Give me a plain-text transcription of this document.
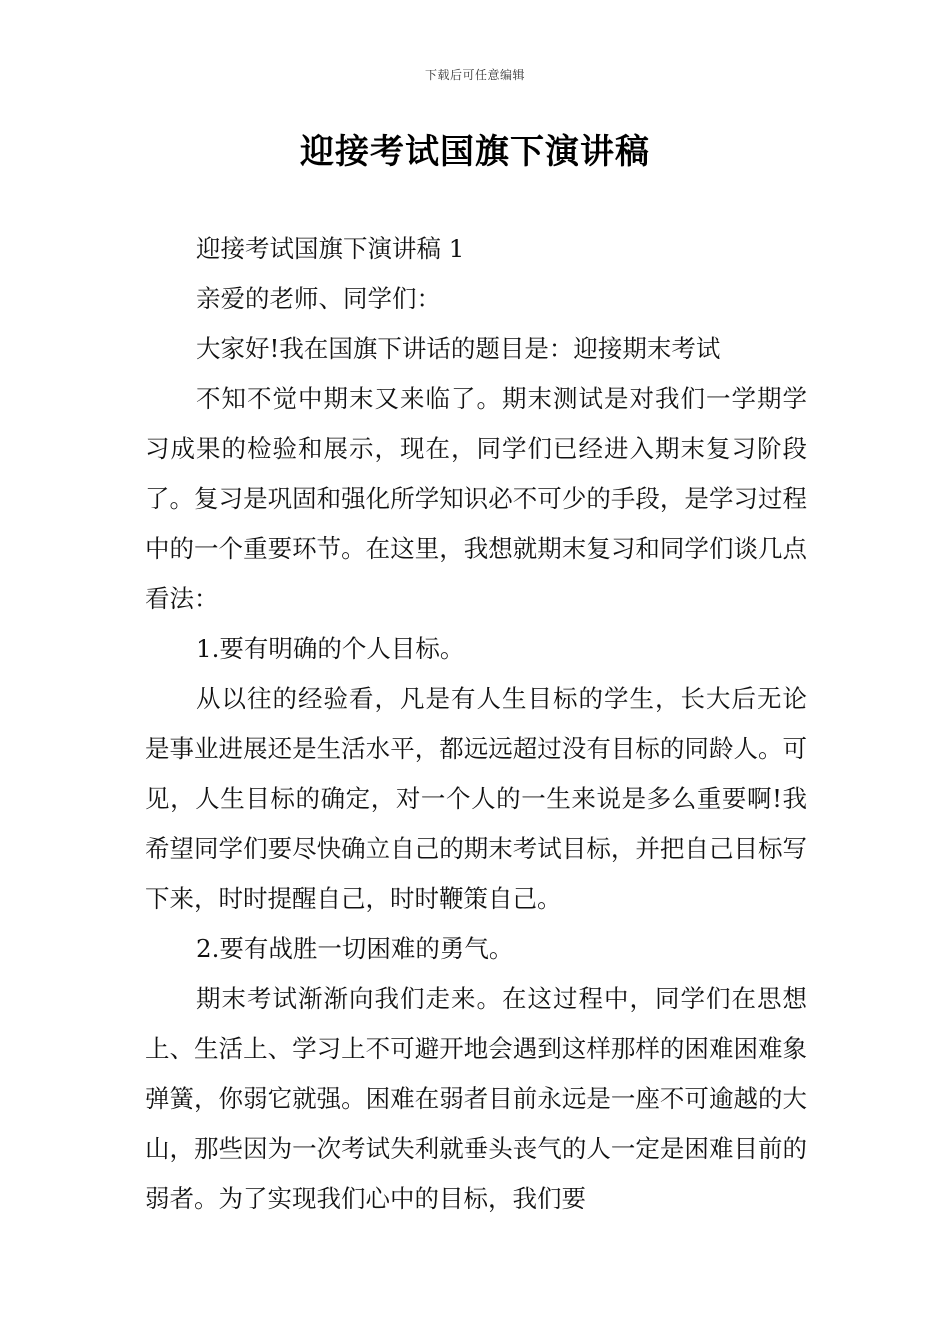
下载后可任意编辑
迎接考试国旗下演讲稿

迎接考试国旗下演讲稿 1

亲爱的老师、同学们：

大家好!我在国旗下讲话的题目是：迎接期末考试

不知不觉中期末又来临了。期末测试是对我们一学期学习成果的检验和展示，现在，同学们已经进入期末复习阶段了。复习是巩固和强化所学知识必不可少的手段，是学习过程中的一个重要环节。在这里，我想就期末复习和同学们谈几点看法：

1.要有明确的个人目标。

从以往的经验看，凡是有人生目标的学生，长大后无论是事业进展还是生活水平，都远远超过没有目标的同龄人。可见，人生目标的确定，对一个人的一生来说是多么重要啊!我希望同学们要尽快确立自己的期末考试目标，并把自己目标写下来，时时提醒自己，时时鞭策自己。

2.要有战胜一切困难的勇气。

期末考试渐渐向我们走来。在这过程中，同学们在思想上、生活上、学习上不可避开地会遇到这样那样的困难困难象弹簧，你弱它就强。困难在弱者目前永远是一座不可逾越的大山，那些因为一次考试失利就垂头丧气的人一定是困难目前的弱者。为了实现我们心中的目标，我们要
